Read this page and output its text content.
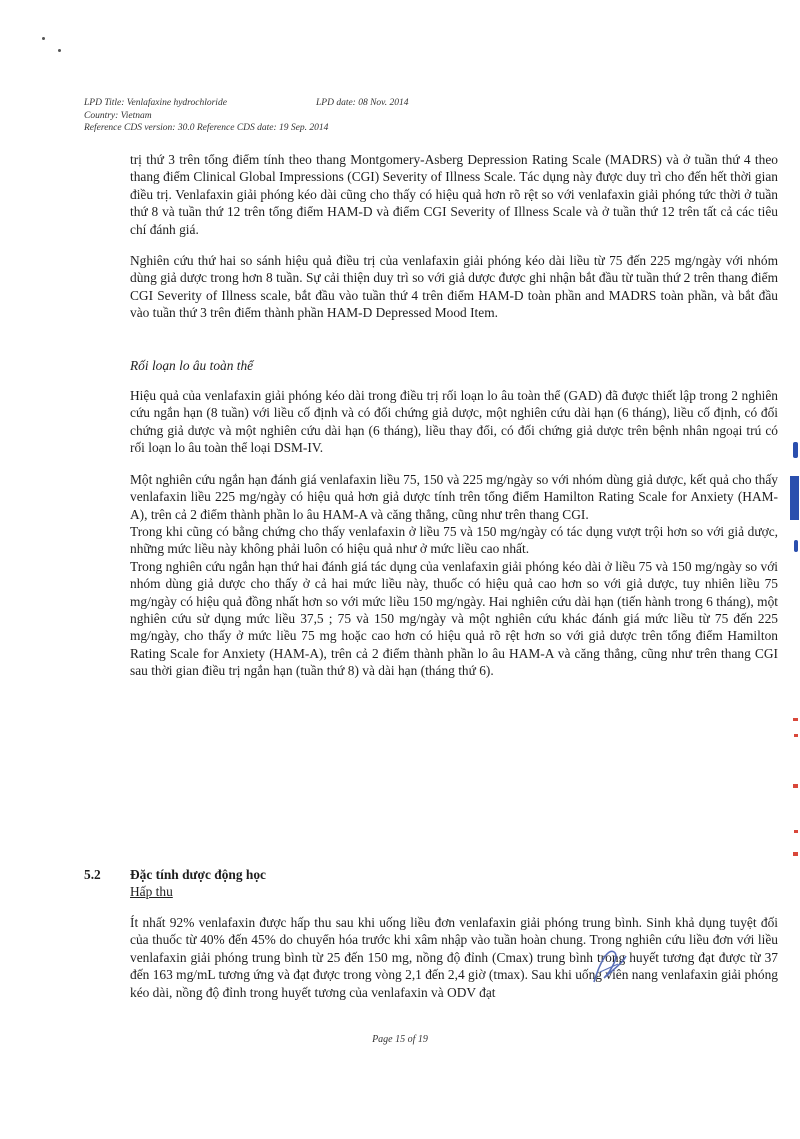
LPD Title: Venlafaxine hydrochloride	LPD date: 08 Nov. 2014
Country: Vietnam
Reference CDS version: 30.0 Reference CDS date: 19 Sep. 2014

trị thứ 3 trên tổng điểm tính theo thang Montgomery-Asberg Depression Rating Scale (MADRS) và ở tuần thứ 4 theo thang điểm Clinical Global Impressions (CGI) Severity of Illness Scale. Tác dụng này được duy trì cho đến hết thời gian điều trị. Venlafaxin giải phóng kéo dài cũng cho thấy có hiệu quả hơn rõ rệt so với venlafaxin giải phóng tức thời ở tuần thứ 8 và tuần thứ 12 trên tổng điểm HAM-D và điểm CGI Severity of Illness Scale và ở tuần thứ 12 trên tất cả các tiêu chí đánh giá.

Nghiên cứu thứ hai so sánh hiệu quả điều trị của venlafaxin giải phóng kéo dài liều từ 75 đến 225 mg/ngày với nhóm dùng giả dược trong hơn 8 tuần. Sự cải thiện duy trì so với giả dược được ghi nhận bắt đầu từ tuần thứ 2 trên thang điểm CGI Severity of Illness scale, bắt đầu vào tuần thứ 4 trên điểm HAM-D toàn phần and MADRS toàn phần, và bắt đầu vào tuần thứ 3 trên điểm thành phần HAM-D Depressed Mood Item.

Rối loạn lo âu toàn thể

Hiệu quả của venlafaxin giải phóng kéo dài trong điều trị rối loạn lo âu toàn thể (GAD) đã được thiết lập trong 2 nghiên cứu ngắn hạn (8 tuần) với liều cố định và có đối chứng giả dược, một nghiên cứu dài hạn (6 tháng), liều cố định, có đối chứng giả dược và một nghiên cứu dài hạn (6 tháng), liều thay đổi, có đối chứng giả dược trên bệnh nhân ngoại trú có rối loạn lo âu toàn thể loại DSM-IV.

Một nghiên cứu ngắn hạn đánh giá venlafaxin liều 75, 150 và 225 mg/ngày so với nhóm dùng giả dược, kết quả cho thấy venlafaxin liều 225 mg/ngày có hiệu quả hơn giả dược tính trên tổng điểm Hamilton Rating Scale for Anxiety (HAM-A), trên cả 2 điểm thành phần lo âu HAM-A và căng thẳng, cũng như trên thang CGI.

Trong khi cũng có bằng chứng cho thấy venlafaxin ở liều 75 và 150 mg/ngày có tác dụng vượt trội hơn so với giả dược, những mức liều này không phải luôn có hiệu quả như ở mức liều cao nhất.

Trong nghiên cứu ngắn hạn thứ hai đánh giá tác dụng của venlafaxin giải phóng kéo dài ở liều 75 và 150 mg/ngày so với nhóm dùng giả dược cho thấy ở cả hai mức liều này, thuốc có hiệu quả cao hơn so với giả dược, tuy nhiên liều 75 mg/ngày có hiệu quả đồng nhất hơn so với mức liều 150 mg/ngày. Hai nghiên cứu dài hạn (tiến hành trong 6 tháng), một nghiên cứu sử dụng mức liều 37,5 ; 75 và 150 mg/ngày và một nghiên cứu khác đánh giá mức liều từ 75 đến 225 mg/ngày, cho thấy ở mức liều 75 mg hoặc cao hơn có hiệu quả rõ rệt hơn so với giả dược trên tổng điểm Hamilton Rating Scale for Anxiety (HAM-A), trên cả 2 điểm thành phần lo âu HAM-A và căng thẳng, cũng như trên thang CGI sau thời gian điều trị ngắn hạn (tuần thứ 8) và dài hạn (tháng thứ 6).

5.2 Đặc tính dược động học
Hấp thu
Ít nhất 92% venlafaxin được hấp thu sau khi uống liều đơn venlafaxin giải phóng trung bình. Sinh khả dụng tuyệt đối của thuốc từ 40% đến 45% do chuyển hóa trước khi xâm nhập vào tuần hoàn chung. Trong nghiên cứu liều đơn với liều venlafaxin giải phóng trung bình từ 25 đến 150 mg, nồng độ đỉnh (Cmax) trung bình trong huyết tương đạt được từ 37 đến 163 mg/mL tương ứng và đạt được trong vòng 2,1 đến 2,4 giờ (tmax). Sau khi uống viên nang venlafaxin giải phóng kéo dài, nồng độ đỉnh trong huyết tương của venlafaxin và ODV đạt
Page 15 of 19
